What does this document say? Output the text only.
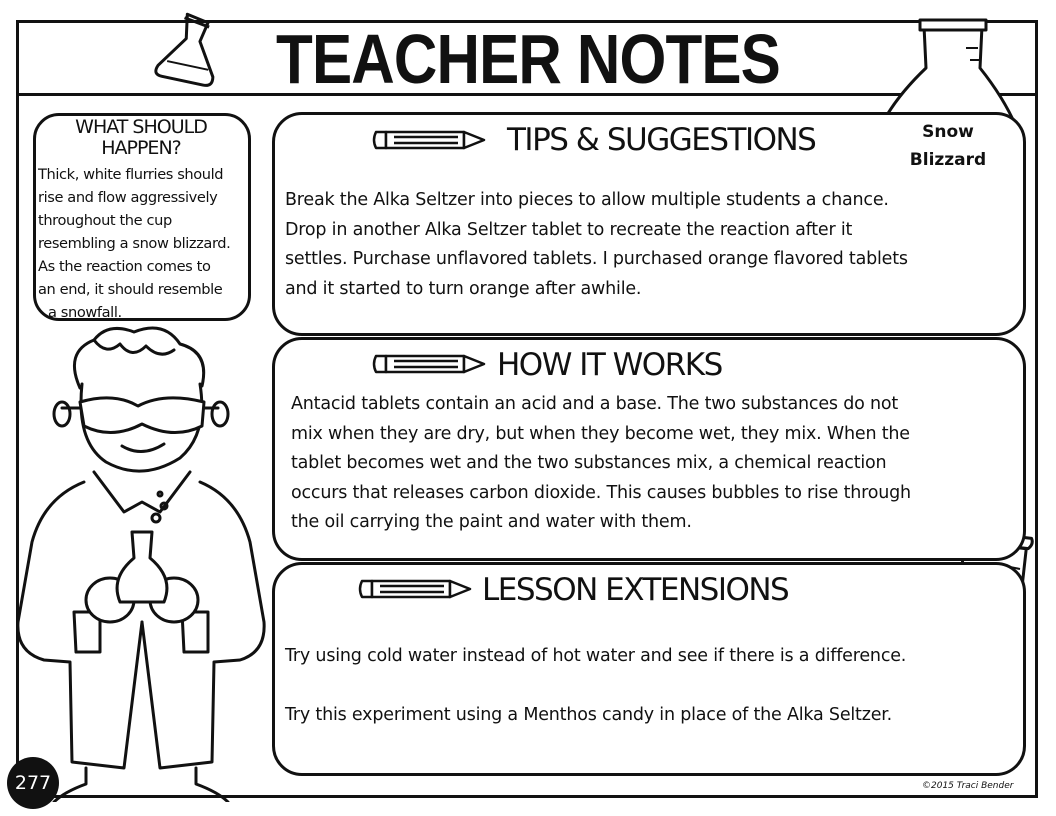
TEACHER NOTES
WHAT SHOULD HAPPEN?
Thick, white flurries should
rise and flow aggressively
throughout the cup
resembling a snow blizzard.
As the reaction comes to
an end, it should resemble
a snowfall.
TIPS & SUGGESTIONS
Break the Alka Seltzer into pieces to allow multiple students a chance.
Drop in another Alka Seltzer tablet to recreate the reaction after it
settles. Purchase unflavored tablets. I purchased orange flavored tablets
and it started to turn orange after awhile.
Snow
Blizzard
HOW IT WORKS
Antacid tablets contain an acid and a base. The two substances do not
mix when they are dry, but when they become wet, they mix. When the
tablet becomes wet and the two substances mix, a chemical reaction
occurs that releases carbon dioxide. This causes bubbles to rise through
the oil carrying the paint and water with them.
LESSON EXTENSIONS
Try using cold water instead of hot water and see if there is a difference.
Try this experiment using a Menthos candy in place of the Alka Seltzer.
277	©2015 Traci Bender
